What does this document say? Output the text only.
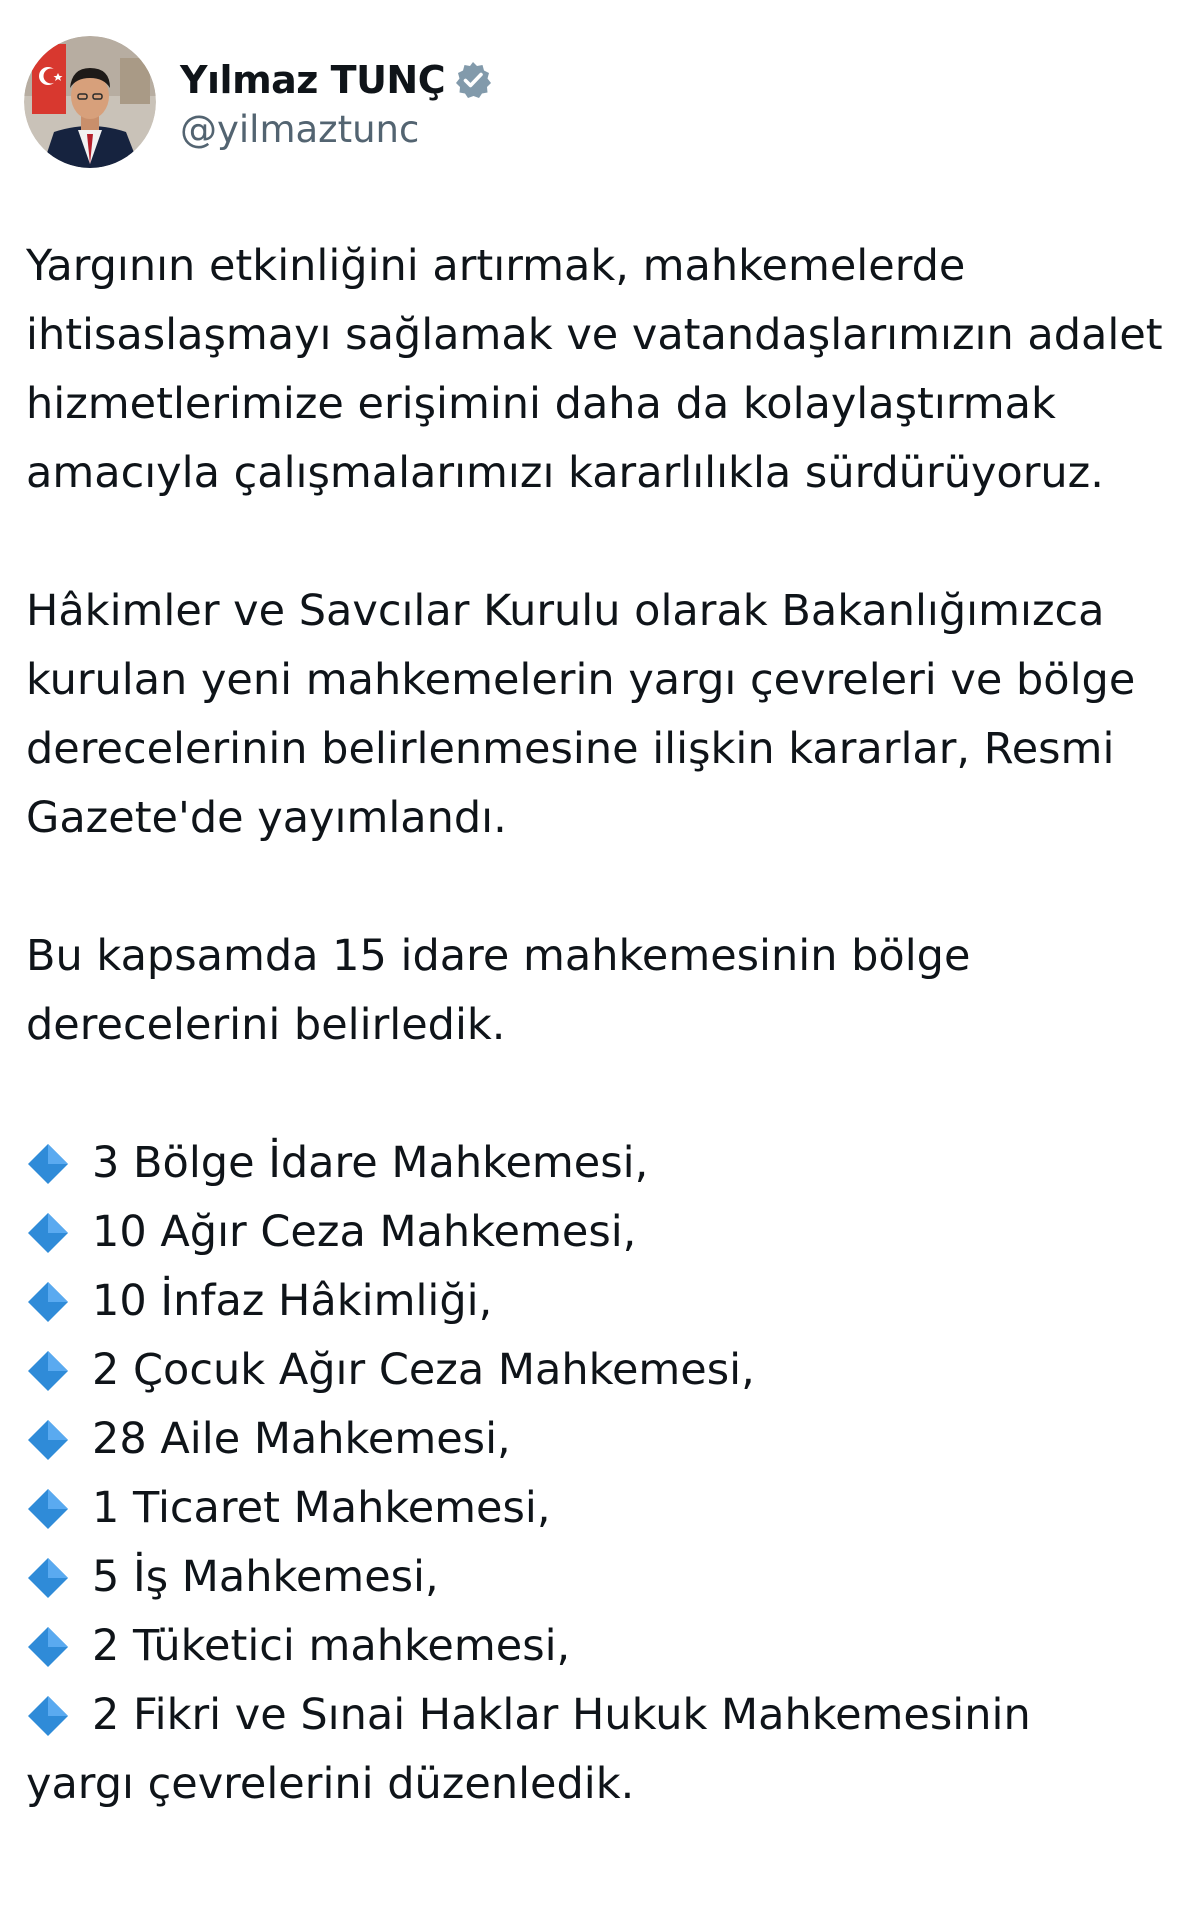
Yılmaz TUNÇ
@yilmaztunc

Yargının etkinliğini artırmak, mahkemelerde ihtisaslaşmayı sağlamak ve vatandaşlarımızın adalet hizmetlerimize erişimini daha da kolaylaştırmak amacıyla çalışmalarımızı kararlılıkla sürdürüyoruz.

Hâkimler ve Savcılar Kurulu olarak Bakanlığımızca kurulan yeni mahkemelerin yargı çevreleri ve bölge derecelerinin belirlenmesine ilişkin kararlar, Resmi Gazete'de yayımlandı.

Bu kapsamda 15 idare mahkemesinin bölge derecelerini belirledik.

3 Bölge İdare Mahkemesi,
10 Ağır Ceza Mahkemesi,
10 İnfaz Hâkimliği,
2 Çocuk Ağır Ceza Mahkemesi,
28 Aile Mahkemesi,
1 Ticaret Mahkemesi,
5 İş Mahkemesi,
2 Tüketici mahkemesi,
2 Fikri ve Sınai Haklar Hukuk Mahkemesinin

yargı çevrelerini düzenledik.
